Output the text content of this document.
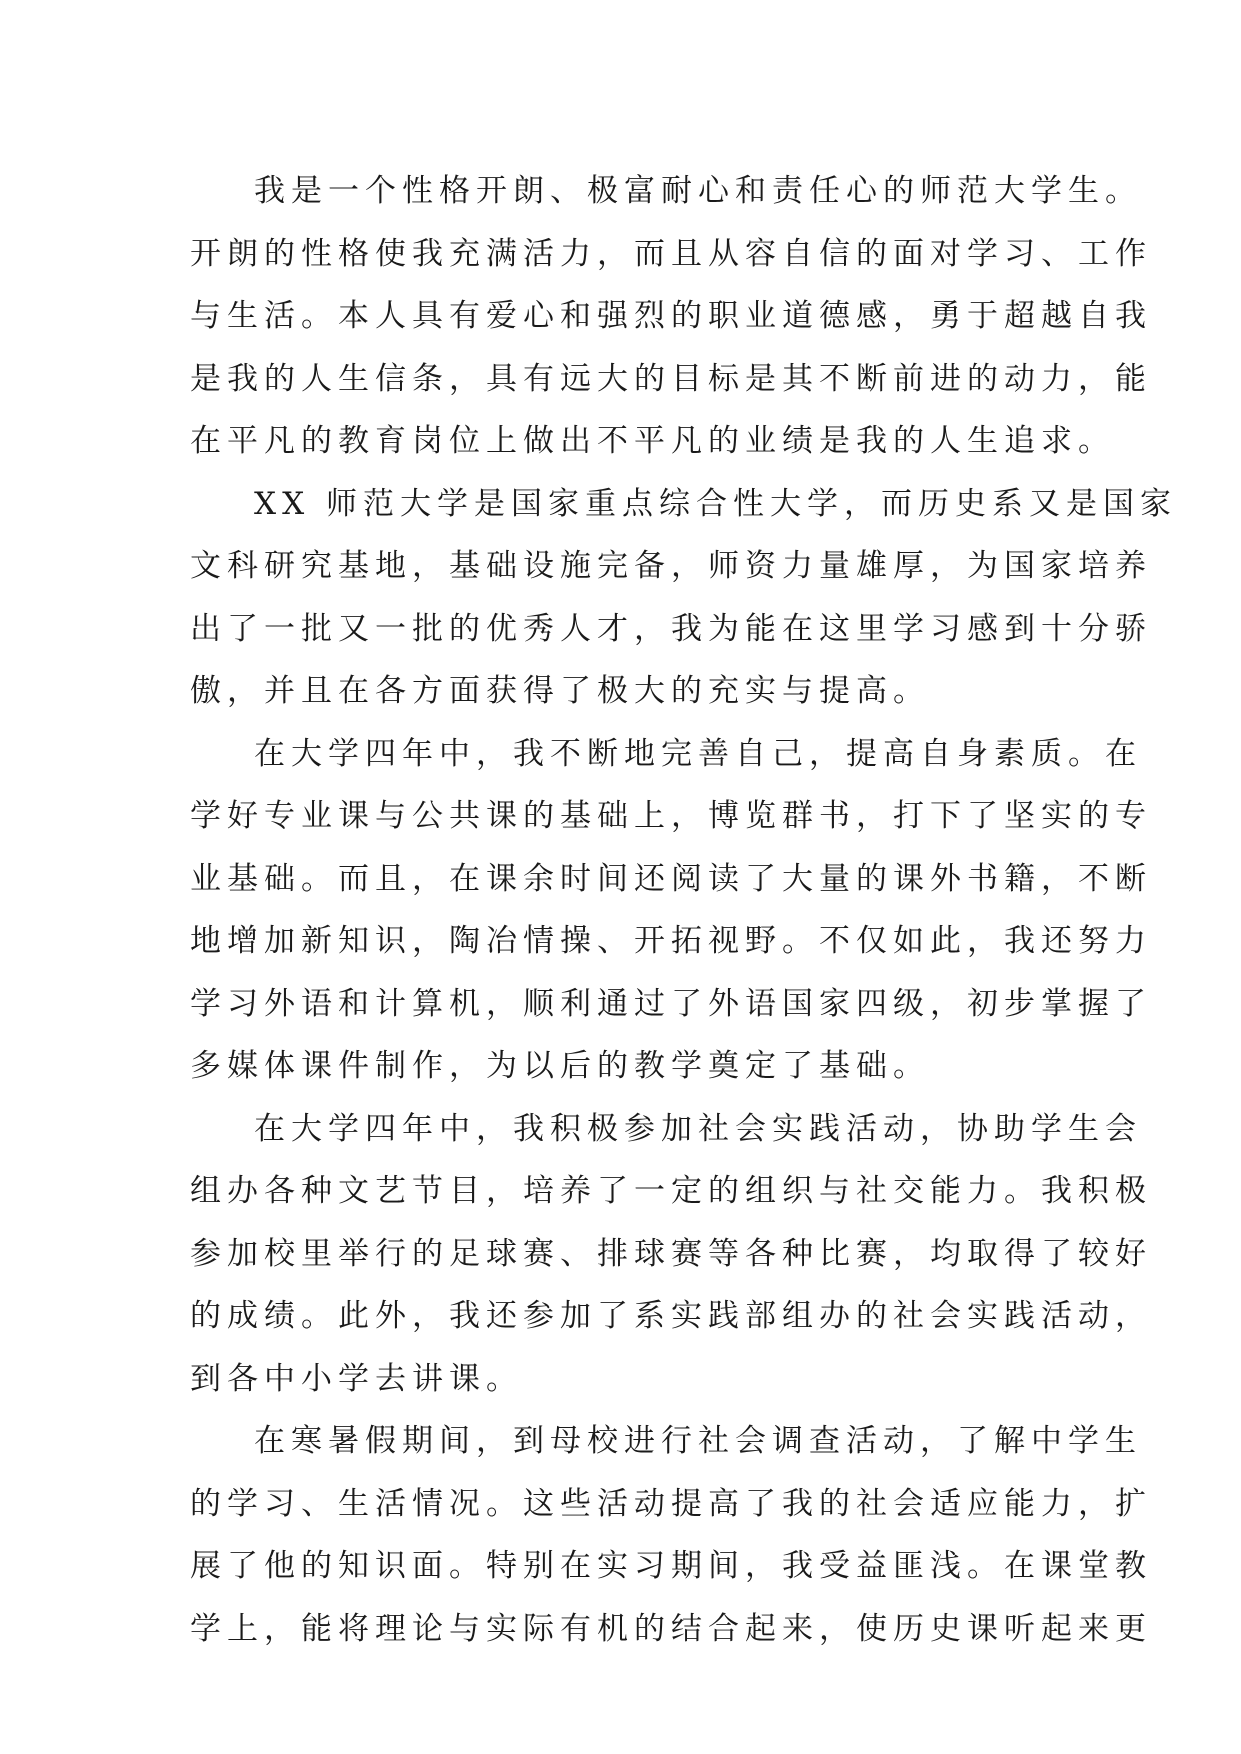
我是一个性格开朗、极富耐心和责任心的师范大学生。
开朗的性格使我充满活力，而且从容自信的面对学习、工作
与生活。本人具有爱心和强烈的职业道德感，勇于超越自我
是我的人生信条，具有远大的目标是其不断前进的动力，能
在平凡的教育岗位上做出不平凡的业绩是我的人生追求。
XX 师范大学是国家重点综合性大学，而历史系又是国家
文科研究基地，基础设施完备，师资力量雄厚，为国家培养
出了一批又一批的优秀人才，我为能在这里学习感到十分骄
傲，并且在各方面获得了极大的充实与提高。
在大学四年中，我不断地完善自己，提高自身素质。在
学好专业课与公共课的基础上，博览群书，打下了坚实的专
业基础。而且，在课余时间还阅读了大量的课外书籍，不断
地增加新知识，陶冶情操、开拓视野。不仅如此，我还努力
学习外语和计算机，顺利通过了外语国家四级，初步掌握了
多媒体课件制作，为以后的教学奠定了基础。
在大学四年中，我积极参加社会实践活动，协助学生会
组办各种文艺节目，培养了一定的组织与社交能力。我积极
参加校里举行的足球赛、排球赛等各种比赛，均取得了较好
的成绩。此外，我还参加了系实践部组办的社会实践活动，
到各中小学去讲课。
在寒暑假期间，到母校进行社会调查活动，了解中学生
的学习、生活情况。这些活动提高了我的社会适应能力，扩
展了他的知识面。特别在实习期间，我受益匪浅。在课堂教
学上，能将理论与实际有机的结合起来，使历史课听起来更
